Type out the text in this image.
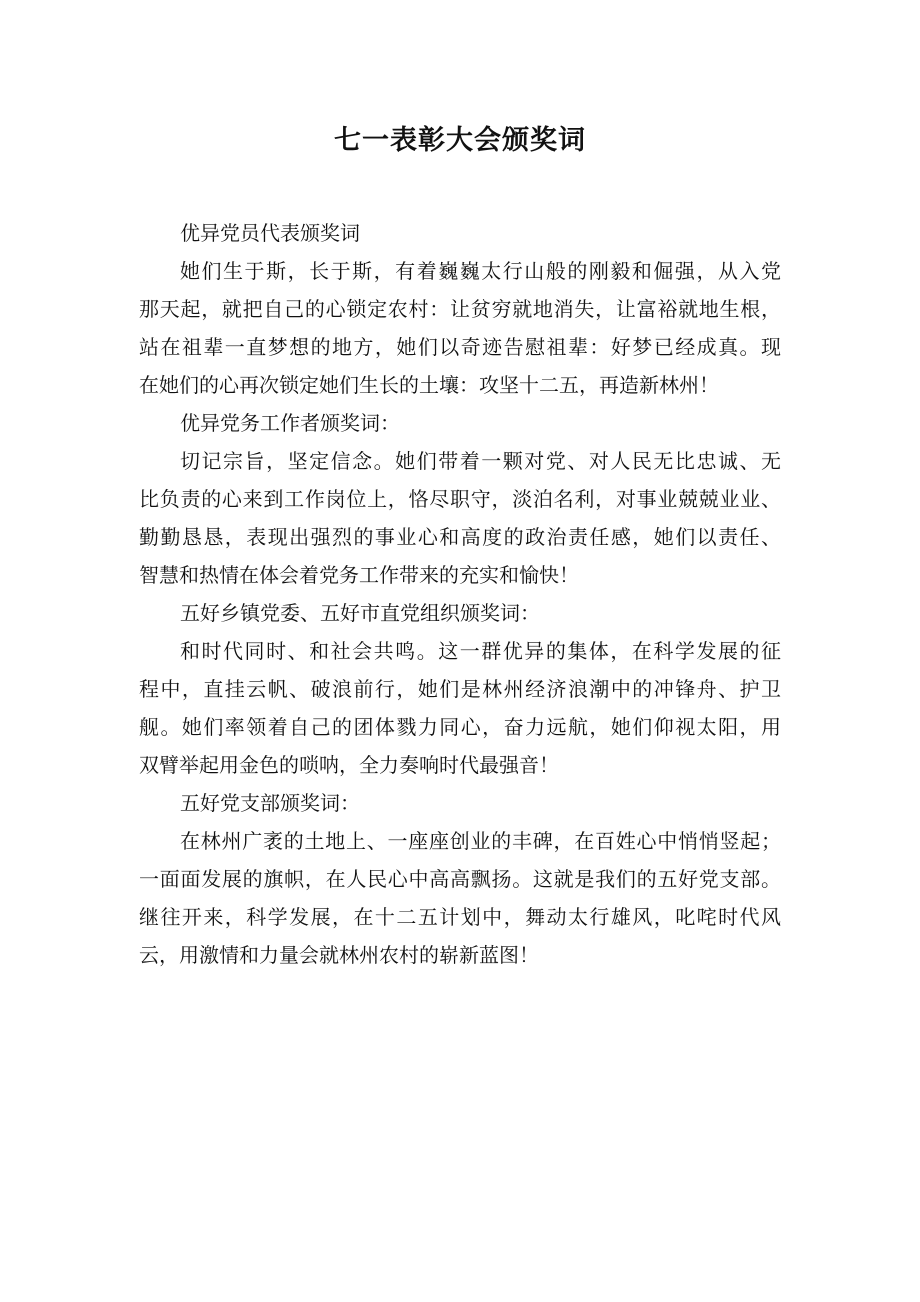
七一表彰大会颁奖词
优异党员代表颁奖词
她们生于斯，长于斯，有着巍巍太行山般的刚毅和倔强，从入党
那天起，就把自己的心锁定农村：让贫穷就地消失，让富裕就地生根，
站在祖辈一直梦想的地方，她们以奇迹告慰祖辈：好梦已经成真。现
在她们的心再次锁定她们生长的土壤：攻坚十二五，再造新林州！
优异党务工作者颁奖词：
切记宗旨，坚定信念。她们带着一颗对党、对人民无比忠诚、无
比负责的心来到工作岗位上，恪尽职守，淡泊名利，对事业兢兢业业、
勤勤恳恳，表现出强烈的事业心和高度的政治责任感，她们以责任、
智慧和热情在体会着党务工作带来的充实和愉快！
五好乡镇党委、五好市直党组织颁奖词：
和时代同时、和社会共鸣。这一群优异的集体，在科学发展的征
程中，直挂云帆、破浪前行，她们是林州经济浪潮中的冲锋舟、护卫
舰。她们率领着自己的团体戮力同心，奋力远航，她们仰视太阳，用
双臂举起用金色的唢呐，全力奏响时代最强音！
五好党支部颁奖词：
在林州广袤的土地上、一座座创业的丰碑，在百姓心中悄悄竖起；
一面面发展的旗帜，在人民心中高高飘扬。这就是我们的五好党支部。
继往开来，科学发展，在十二五计划中，舞动太行雄风，叱咤时代风
云，用激情和力量会就林州农村的崭新蓝图！
